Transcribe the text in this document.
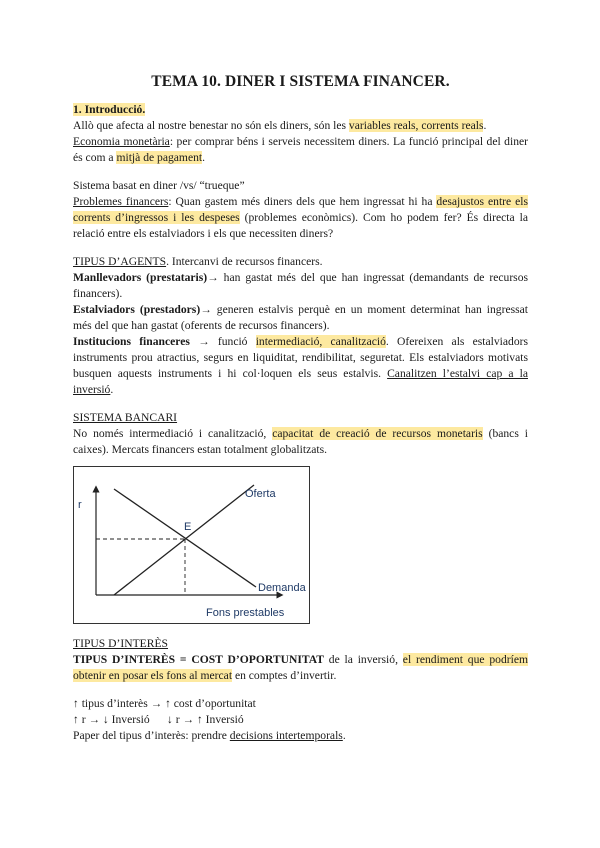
TEMA 10. DINER I SISTEMA FINANCER.

1. Introducció.

Allò que afecta al nostre benestar no són els diners, són les variables reals, corrents reals.

Economia monetària: per comprar béns i serveis necessitem diners. La funció principal del diner és com a mitjà de pagament.

Sistema basat en diner /vs/ “trueque”

Problemes financers: Quan gastem més diners dels que hem ingressat hi ha desajustos entre els corrents d’ingressos i les despeses (problemes econòmics). Com ho podem fer? És directa la relació entre els estalviadors i els que necessiten diners?

TIPUS D’AGENTS. Intercanvi de recursos financers.

Manllevadors (prestataris)→ han gastat més del que han ingressat (demandants de recursos financers).

Estalviadors (prestadors)→ generen estalvis perquè en un moment determinat han ingressat més del que han gastat (oferents de recursos financers).

Institucions financeres → funció intermediació, canalització. Ofereixen als estalviadors instruments prou atractius, segurs en liquiditat, rendibilitat, seguretat. Els estalviadors motivats busquen aquests instruments i hi col·loquen els seus estalvis. Canalitzen l’estalvi cap a la inversió.

SISTEMA BANCARI

No només intermediació i canalització, capacitat de creació de recursos monetaris (bancs i caixes). Mercats financers estan totalment globalitzats.

r
Oferta
E
Demanda
Fons prestables

TIPUS D’INTERÈS

TIPUS D’INTERÈS = COST D’OPORTUNITAT de la inversió, el rendiment que podríem obtenir en posar els fons al mercat en comptes d’invertir.

↑ tipus d’interès → ↑ cost d’oportunitat

↑ r → ↓ Inversió      ↓ r → ↑ Inversió

Paper del tipus d’interès: prendre decisions intertemporals.
